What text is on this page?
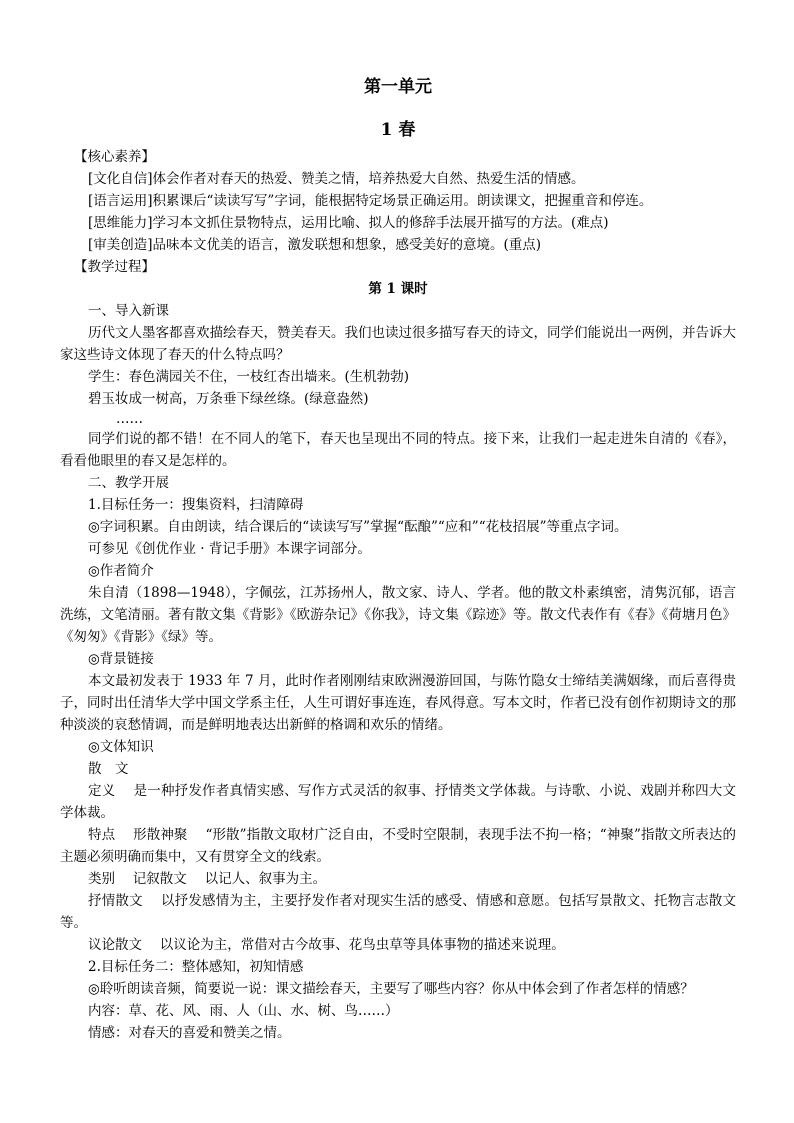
第一单元
1 春

【核心素养】

[文化自信]体会作者对春天的热爱、赞美之情，培养热爱大自然、热爱生活的情感。

[语言运用]积累课后“读读写写”字词，能根据特定场景正确运用。朗读课文，把握重音和停连。

[思维能力]学习本文抓住景物特点，运用比喻、拟人的修辞手法展开描写的方法。(难点)

[审美创造]品味本文优美的语言，激发联想和想象，感受美好的意境。(重点)

【教学过程】

第 1 课时

一、导入新课

历代文人墨客都喜欢描绘春天，赞美春天。我们也读过很多描写春天的诗文，同学们能说出一两例，并告诉大家这些诗文体现了春天的什么特点吗？

学生：春色满园关不住，一枝红杏出墙来。(生机勃勃)

碧玉妆成一树高，万条垂下绿丝绦。(绿意盎然)

……

同学们说的都不错！在不同人的笔下，春天也呈现出不同的特点。接下来，让我们一起走进朱自清的《春》，看看他眼里的春又是怎样的。

二、教学开展

1.目标任务一：搜集资料，扫清障碍

◎字词积累。自由朗读，结合课后的“读读写写”掌握“酝酿”“应和”“花枝招展”等重点字词。

可参见《创优作业 · 背记手册》本课字词部分。

◎作者简介

朱自清（1898—1948），字佩弦，江苏扬州人，散文家、诗人、学者。他的散文朴素缜密，清隽沉郁，语言洗练，文笔清丽。著有散文集《背影》《欧游杂记》《你我》，诗文集《踪迹》等。散文代表作有《春》《荷塘月色》《匆匆》《背影》《绿》等。

◎背景链接

本文最初发表于 1933 年 7 月，此时作者刚刚结束欧洲漫游回国，与陈竹隐女士缔结美满姻缘，而后喜得贵子，同时出任清华大学中国文学系主任，人生可谓好事连连，春风得意。写本文时，作者已没有创作初期诗文的那种淡淡的哀愁情调，而是鲜明地表达出新鲜的格调和欢乐的情绪。

◎文体知识

散　文

定义　 是一种抒发作者真情实感、写作方式灵活的叙事、抒情类文学体裁。与诗歌、小说、戏剧并称四大文学体裁。

特点　 形散神聚　 “形散”指散文取材广泛自由，不受时空限制，表现手法不拘一格；“神聚”指散文所表达的主题必须明确而集中，又有贯穿全文的线索。

类别　 记叙散文　 以记人、叙事为主。

抒情散文　 以抒发感情为主，主要抒发作者对现实生活的感受、情感和意愿。包括写景散文、托物言志散文等。

议论散文　 以议论为主，常借对古今故事、花鸟虫草等具体事物的描述来说理。

2.目标任务二：整体感知，初知情感

◎聆听朗读音频，简要说一说：课文描绘春天，主要写了哪些内容？你从中体会到了作者怎样的情感？

内容：草、花、风、雨、人（山、水、树、鸟……）

情感：对春天的喜爱和赞美之情。
